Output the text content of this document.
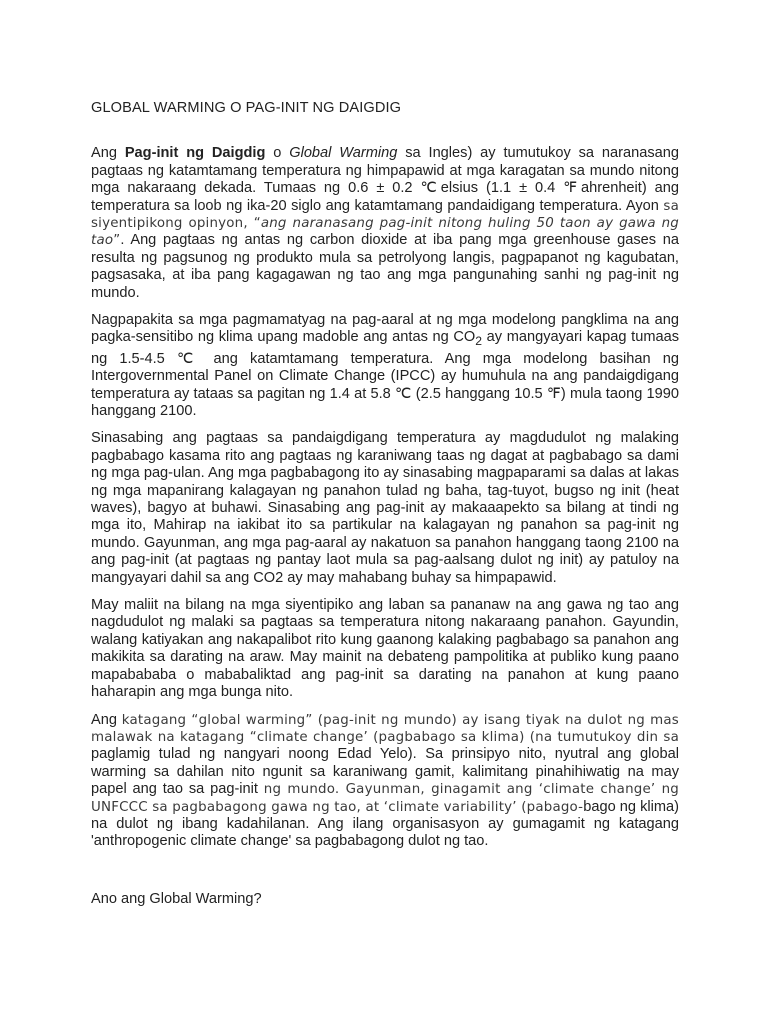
GLOBAL WARMING O PAG-INIT NG DAIGDIG

Ang Pag-init ng Daigdig o Global Warming sa Ingles) ay tumutukoy sa naranasang pagtaas ng katamtamang temperatura ng himpapawid at mga karagatan sa mundo nitong mga nakaraang dekada. Tumaas ng 0.6 ± 0.2 ℃elsius (1.1 ± 0.4 ℉ahrenheit) ang temperatura sa loob ng ika-20 siglo ang katamtamang pandaidigang temperatura. Ayon sa siyentipikong opinyon, “ang naranasang pag-init nitong huling 50 taon ay gawa ng tao”. Ang pagtaas ng antas ng carbon dioxide at iba pang mga greenhouse gases na resulta ng pagsunog ng produkto mula sa petrolyong langis, pagpapanot ng kagubatan, pagsasaka, at iba pang kagagawan ng tao ang mga pangunahing sanhi ng pag-init ng mundo.

Nagpapakita sa mga pagmamatyag na pag-aaral at ng mga modelong pangklima na ang pagka-sensitibo ng klima upang madoble ang antas ng $CO_2$ ay mangyayari kapag tumaas ng 1.5-4.5 ℃ ang katamtamang temperatura. Ang mga modelong basihan ng Intergovernmental Panel on Climate Change (IPCC) ay humuhula na ang pandaigdigang temperatura ay tataas sa pagitan ng 1.4 at 5.8 ℃ (2.5 hanggang 10.5 ℉) mula taong 1990 hanggang 2100.

Sinasabing ang pagtaas sa pandaigdigang temperatura ay magdudulot ng malaking pagbabago kasama rito ang pagtaas ng karaniwang taas ng dagat at pagbabago sa dami ng mga pag-ulan. Ang mga pagbabagong ito ay sinasabing magpaparami sa dalas at lakas ng mga mapanirang kalagayan ng panahon tulad ng baha, tag-tuyot, bugso ng init (heat waves), bagyo at buhawi. Sinasabing ang pag-init ay makaaapekto sa bilang at tindi ng mga ito, Mahirap na iakibat ito sa partikular na kalagayan ng panahon sa pag-init ng mundo. Gayunman, ang mga pag-aaral ay nakatuon sa panahon hanggang taong 2100 na ang pag-init (at pagtaas ng pantay laot mula sa pag-aalsang dulot ng init) ay patuloy na mangyayari dahil sa ang CO2 ay may mahabang buhay sa himpapawid.

May maliit na bilang na mga siyentipiko ang laban sa pananaw na ang gawa ng tao ang nagdudulot ng malaki sa pagtaas sa temperatura nitong nakaraang panahon. Gayundin, walang katiyakan ang nakapalibot rito kung gaanong kalaking pagbabago sa panahon ang makikita sa darating na araw. May mainit na debateng pampolitika at publiko kung paano mapabababa o mababaliktad ang pag-init sa darating na panahon at kung paano haharapin ang mga bunga nito.

Ang katagang “global warming” (pag-init ng mundo) ay isang tiyak na dulot ng mas malawak na katagang “climate change’ (pagbabago sa klima) (na tumutukoy din sa paglamig tulad ng nangyari noong Edad Yelo). Sa prinsipyo nito, nyutral ang global warming sa dahilan nito ngunit sa karaniwang gamit, kalimitang pinahihiwatig na may papel ang tao sa pag-init ng mundo. Gayunman, ginagamit ang ‘climate change’ ng UNFCCC sa pagbabagong gawa ng tao, at ‘climate variability’ (pabago-bago ng klima) na dulot ng ibang kadahilanan. Ang ilang organisasyon ay gumagamit ng katagang 'anthropogenic climate change' sa pagbabagong dulot ng tao.

Ano ang Global Warming?
